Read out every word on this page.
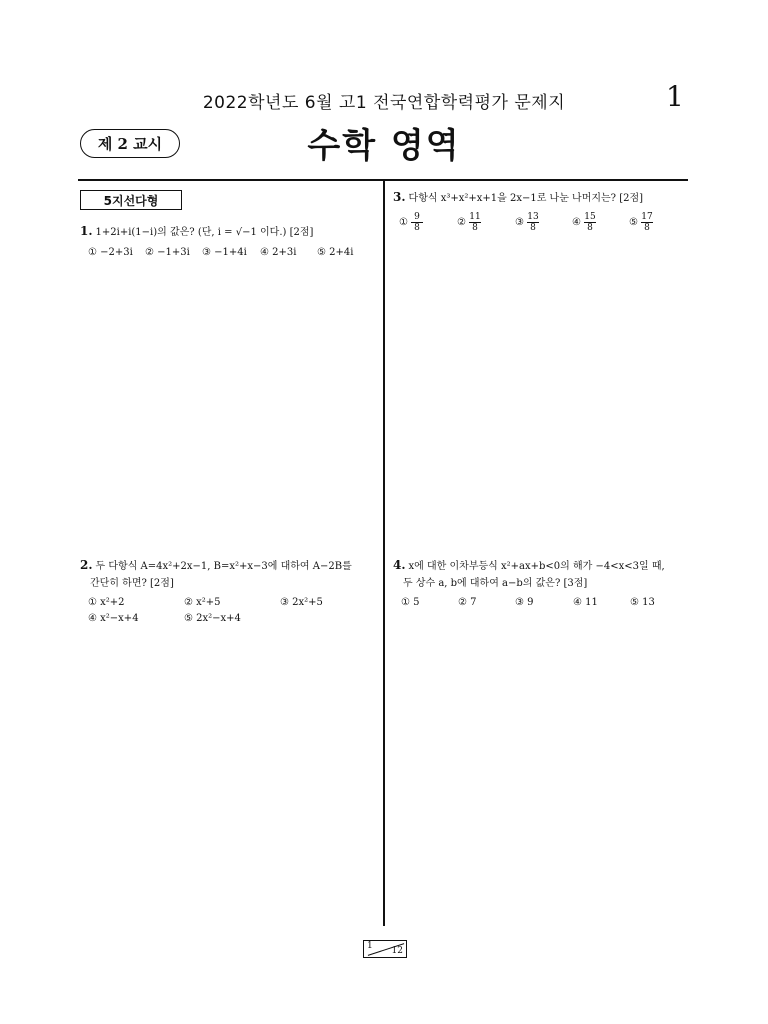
2022학년도 6월 고1 전국연합학력평가 문제지	1
제 2 교시	수학 영역
5지선다형
1. 1+2i+i(1−i)의 값은? (단, i = √−1 이다.) [2점]
① −2+3i ② −1+3i ③ −1+4i ④ 2+3i ⑤ 2+4i
2. 두 다항식 A=4x²+2x−1, B=x²+x−3에 대하여 A−2B를
간단히 하면? [2점]
① x²+2	② x²+5	③ 2x²+5
④ x²−x+4	⑤ 2x²−x+4
3. 다항식 x³+x²+x+1을 2x−1로 나눈 나머지는? [2점]
① $\frac{9}{8}$	② $\frac{11}{8}$	③ $\frac{13}{8}$	④ $\frac{15}{8}$	⑤ $\frac{17}{8}$
4. x에 대한 이차부등식 x²+ax+b<0의 해가 −4<x<3일 때,
두 상수 a, b에 대하여 a−b의 값은? [3점]
① 5	② 7	③ 9	④ 11	⑤ 13
1 12
